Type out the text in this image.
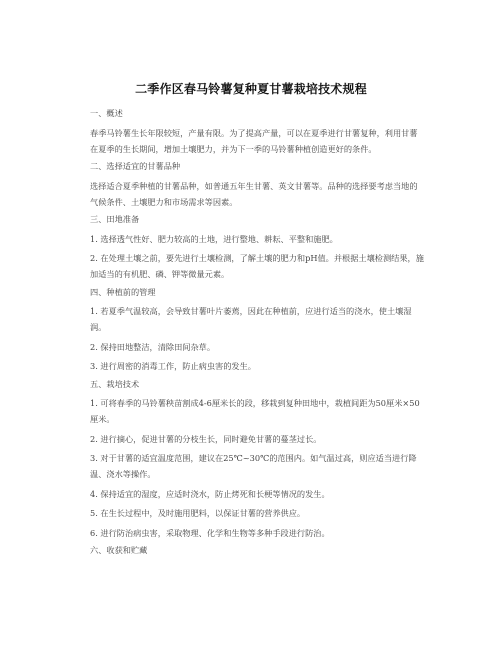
二季作区春马铃薯复种夏甘薯栽培技术规程
一、概述
春季马铃薯生长年限较短，产量有限。为了提高产量，可以在夏季进行甘薯复种，利用甘薯在夏季的生长期间，增加土壤肥力，并为下一季的马铃薯种植创造更好的条件。
二、选择适宜的甘薯品种
选择适合夏季种植的甘薯品种，如普通五年生甘薯、英文甘薯等。品种的选择要考虑当地的气候条件、土壤肥力和市场需求等因素。
三、田地准备
1. 选择透气性好、肥力较高的土地，进行整地、耕耘、平整和施肥。
2. 在处理土壤之前，要先进行土壤检测，了解土壤的肥力和pH值。并根据土壤检测结果，施加适当的有机肥、磷、钾等微量元素。
四、种植前的管理
1. 若夏季气温较高，会导致甘薯叶片萎蔫，因此在种植前，应进行适当的浇水，使土壤湿润。
2. 保持田地整洁，清除田间杂草。
3. 进行周密的消毒工作，防止病虫害的发生。
五、栽培技术
1. 可将春季的马铃薯秧苗割成4-6厘米长的段，移栽到复种田地中，栽植间距为50厘米×50厘米。
2. 进行摘心，促进甘薯的分枝生长，同时避免甘薯的蔓茎过长。
3. 对于甘薯的适宜温度范围，建议在25℃~30℃的范围内。如气温过高，则应适当进行降温、浇水等操作。
4. 保持适宜的湿度，应适时浇水，防止烤死和长梗等情况的发生。
5. 在生长过程中，及时施用肥料，以保证甘薯的营养供应。
6. 进行防治病虫害，采取物理、化学和生物等多种手段进行防治。
六、收获和贮藏
